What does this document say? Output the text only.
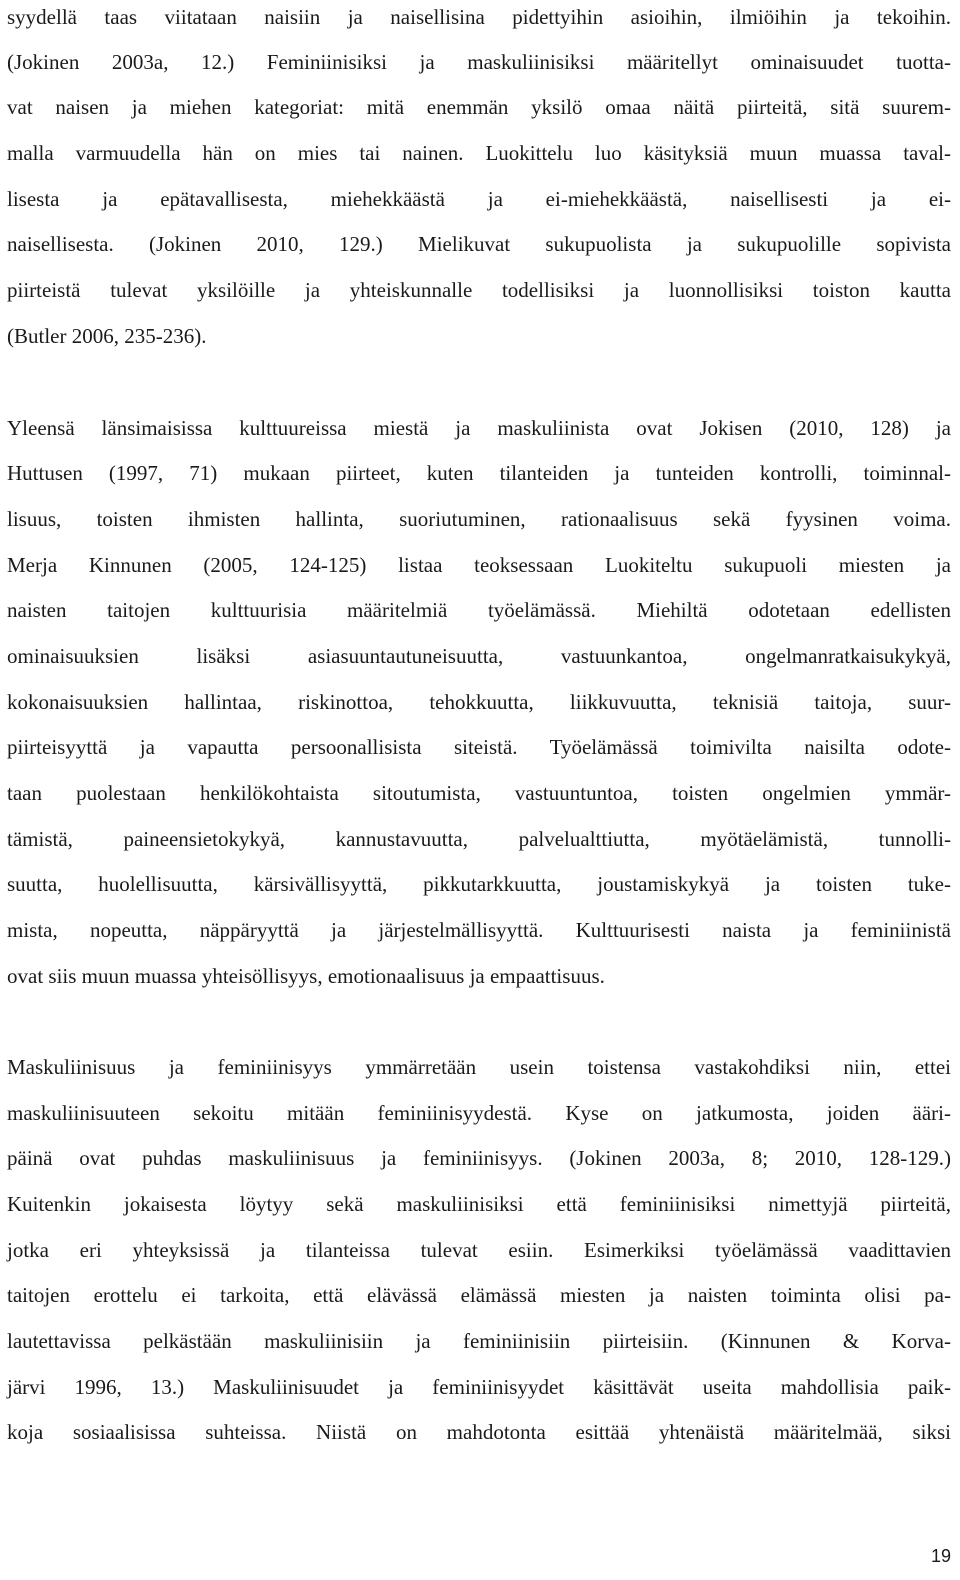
syydellä taas viitataan naisiin ja naisellisina pidettyihin asioihin, ilmiöihin ja tekoihin.
(Jokinen 2003a, 12.) Feminiinisiksi ja maskuliinisiksi määritellyt ominaisuudet tuotta-
vat naisen ja miehen kategoriat: mitä enemmän yksilö omaa näitä piirteitä, sitä suurem-
malla varmuudella hän on mies tai nainen. Luokittelu luo käsityksiä muun muassa taval-
lisesta ja epätavallisesta, miehekkäästä ja ei-miehekkäästä, naisellisesti ja ei-
naisellisesta. (Jokinen 2010, 129.) Mielikuvat sukupuolista ja sukupuolille sopivista
piirteistä tulevat yksilöille ja yhteiskunnalle todellisiksi ja luonnollisiksi toiston kautta
(Butler 2006, 235-236).
Yleensä länsimaisissa kulttuureissa miestä ja maskuliinista ovat Jokisen (2010, 128) ja
Huttusen (1997, 71) mukaan piirteet, kuten tilanteiden ja tunteiden kontrolli, toiminnal-
lisuus, toisten ihmisten hallinta, suoriutuminen, rationaalisuus sekä fyysinen voima.
Merja Kinnunen (2005, 124-125) listaa teoksessaan Luokiteltu sukupuoli miesten ja
naisten taitojen kulttuurisia määritelmiä työelämässä. Miehiltä odotetaan edellisten
ominaisuuksien lisäksi asiasuuntautuneisuutta, vastuunkantoa, ongelmanratkaisukykyä,
kokonaisuuksien hallintaa, riskinottoa, tehokkuutta, liikkuvuutta, teknisiä taitoja, suur-
piirteisyyttä ja vapautta persoonallisista siteistä. Työelämässä toimivilta naisilta odote-
taan puolestaan henkilökohtaista sitoutumista, vastuuntuntoa, toisten ongelmien ymmär-
tämistä, paineensietokykyä, kannustavuutta, palvelualttiutta, myötäelämistä, tunnolli-
suutta, huolellisuutta, kärsivällisyyttä, pikkutarkkuutta, joustamiskykyä ja toisten tuke-
mista, nopeutta, näppäryyttä ja järjestelmällisyyttä. Kulttuurisesti naista ja feminiinistä
ovat siis muun muassa yhteisöllisyys, emotionaalisuus ja empaattisuus.
Maskuliinisuus ja feminiinisyys ymmärretään usein toistensa vastakohdiksi niin, ettei
maskuliinisuuteen sekoitu mitään feminiinisyydestä. Kyse on jatkumosta, joiden ääri-
päinä ovat puhdas maskuliinisuus ja feminiinisyys. (Jokinen 2003a, 8; 2010, 128-129.)
Kuitenkin jokaisesta löytyy sekä maskuliinisiksi että feminiinisiksi nimettyjä piirteitä,
jotka eri yhteyksissä ja tilanteissa tulevat esiin. Esimerkiksi työelämässä vaadittavien
taitojen erottelu ei tarkoita, että elävässä elämässä miesten ja naisten toiminta olisi pa-
lautettavissa pelkästään maskuliinisiin ja feminiinisiin piirteisiin. (Kinnunen & Korva-
järvi 1996, 13.) Maskuliinisuudet ja feminiinisyydet käsittävät useita mahdollisia paik-
koja sosiaalisissa suhteissa. Niistä on mahdotonta esittää yhtenäistä määritelmää, siksi
19
